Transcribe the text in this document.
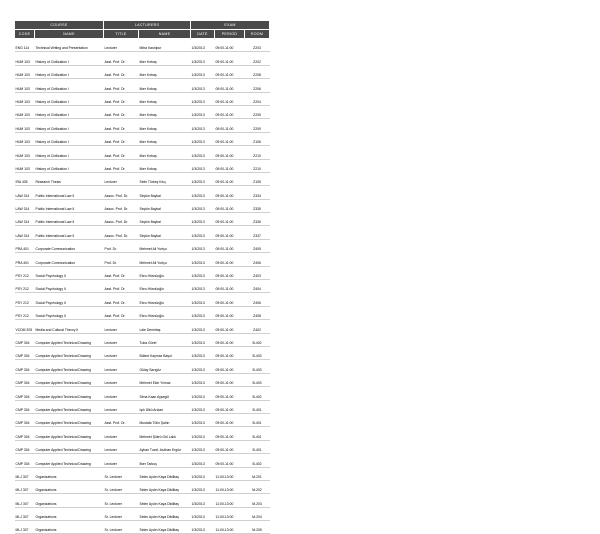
COURSE		LACTURERS		EXAM		
CODE	NAME	TITLE	NAME	DATE	PERIOD	ROOM
ENG 114	Technical Writing and Presentation	Lecturer	Mitra Kashipur	1/3/2013	09:00-11:00	Z203
HUM 103	History of Civilization I	Asst. Prof. Dr.	Ilker Kırbaş	1/3/2013	09:00-11:00	Z202
HUM 103	History of Civilization I	Asst. Prof. Dr.	Ilker Kırbaş	1/3/2013	09:00-11:00	Z208
HUM 103	History of Civilization I	Asst. Prof. Dr.	Ilker Kırbaş	1/3/2013	09:00-11:00	Z206
HUM 103	History of Civilization I	Asst. Prof. Dr.	Ilker Kırbaş	1/3/2013	09:00-11:00	Z204
HUM 103	History of Civilization I	Asst. Prof. Dr.	Ilker Kırbaş	1/3/2013	09:00-11:00	Z205
HUM 103	History of Civilization I	Asst. Prof. Dr.	Ilker Kırbaş	1/3/2013	09:00-11:00	Z209
HUM 103	History of Civilization I	Asst. Prof. Dr.	Ilker Kırbaş	1/3/2013	09:00-11:00	Z106
HUM 103	History of Civilization I	Asst. Prof. Dr.	Ilker Kırbaş	1/3/2013	09:00-11:00	Z210
HUM 103	History of Civilization I	Asst. Prof. Dr.	Ilker Kırbaş	1/3/2013	09:00-11:00	Z210
IRA 405	Research Thesis	Lecturer	Selin Türkeş Kılıç	1/3/2013	09:00-11:00	Z105
LAW 314	Public International Law II	Assoc. Prof. Dr.	Seçkin Baykal	1/3/2013	09:00-11:00	Z334
LAW 314	Public International Law II	Assoc. Prof. Dr.	Seçkin Baykal	1/3/2013	09:00-11:00	Z335
LAW 314	Public International Law II	Assoc. Prof. Dr.	Seçkin Baykal	1/3/2013	09:00-11:00	Z336
LAW 314	Public International Law II	Assoc. Prof. Dr.	Seçkin Baykal	1/3/2013	09:00-11:00	Z337
PRA 401	Corporate Communication	Prof. Dr.	Mehmet Ali Yurtçu	1/3/2013	09:00-11:00	Z405
PRA 401	Corporate Communication	Prof. Dr.	Mehmet Ali Yurtçu	1/3/2013	09:00-11:00	Z406
PSY 212	Social Psychology II	Asst. Prof. Dr.	Ebru Hüsnüoğlu	1/3/2013	09:00-11:00	Z403
PSY 212	Social Psychology II	Asst. Prof. Dr.	Ebru Hüsnüoğlu	1/3/2013	09:00-11:00	Z404
PSY 212	Social Psychology II	Asst. Prof. Dr.	Ebru Hüsnüoğlu	1/3/2013	09:00-11:00	Z406
PSY 212	Social Psychology II	Asst. Prof. Dr.	Ebru Hüsnüoğlu	1/3/2013	09:00-11:00	Z408
VCDM 205	Media and Cultural Theory II	Lecturer	Lale Demirtaş	1/3/2013	09:00-11:00	Z402
CMP 304	Computer Applied Technical Drawing	Lecturer	Tuba Gürel	1/3/2013	09:00-11:00	B-402
CMP 304	Computer Applied Technical Drawing	Lecturer	Bülent Kaymaz Başol	1/3/2013	09:00-11:00	B-403
CMP 304	Computer Applied Technical Drawing	Lecturer	Gülay Sarıgöz	1/3/2013	09:00-11:00	B-403
CMP 304	Computer Applied Technical Drawing	Lecturer	Mehmet Ekin Yılmaz	1/3/2013	09:00-11:00	B-403
CMP 304	Computer Applied Technical Drawing	Lecturer	Sena Kaan Ayşegül	1/3/2013	09:00-11:00	B-402
CMP 304	Computer Applied Technical Drawing	Lecturer	Işık Ülkü Arıkan	1/3/2013	09:00-11:00	B-401
CMP 304	Computer Applied Technical Drawing	Asst. Prof. Dr.	Mustafa Tülin Şahin	1/3/2013	09:00-11:00	B-401
CMP 304	Computer Applied Technical Drawing	Lecturer	Mehmet Şükrü Gül Lalık	1/3/2013	09:00-11:00	B-401
CMP 304	Computer Applied Technical Drawing	Lecturer	Ayhan Tuzel, Aslıhan Ergün	1/3/2013	09:00-11:00	B-401
CMP 304	Computer Applied Technical Drawing	Lecturer	Ilker Tarkuş	1/3/2013	09:00-11:00	B-402
MLJ 307	Organizations	Sr. Lecturer	Selen Aydın Kaya Dikilitaş	1/3/2013	11:00-13:00	M-201
MLJ 307	Organizations	Sr. Lecturer	Selen Aydın Kaya Dikilitaş	1/3/2013	11:00-13:00	M-202
MLJ 307	Organizations	Sr. Lecturer	Selen Aydın Kaya Dikilitaş	1/3/2013	11:00-13:00	M-203
MLJ 307	Organizations	Sr. Lecturer	Selen Aydın Kaya Dikilitaş	1/3/2013	11:00-13:00	M-204
MLJ 307	Organizations	Sr. Lecturer	Selen Aydın Kaya Dikilitaş	1/3/2013	11:00-13:00	M-205
